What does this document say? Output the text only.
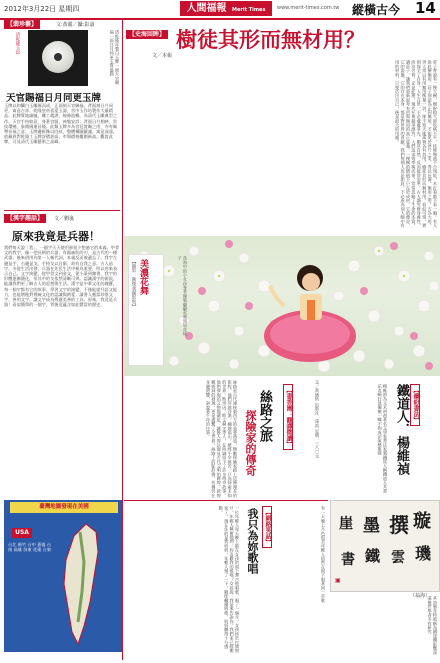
2012年3月22日 星期四	人間福報 Merit Times	www.merit-times.com.tw 縱橫古今 14
【翡珍藝】	文:黃麗／攝:影濤
清乾隆玉琮	清乾隆年製白玉牌一面天官賜福一面日月同更玉質溫潤
天官賜福日月同更玉牌
玉牌以和闐白玉雕琢而成，正面刻天官賜福，背面刻日月同更，寓意吉祥。乾隆皇帝喜愛玉器，宮中玉作坊製作大量精品。此牌質地細膩，雕工精湛，線條流暢，為清代玉雕典型之作。天官手持如意，身著官服，神態安詳；背面日月相映，雲紋環繞，象徵國運昌隆。此類玉牌多為宮廷賞賜之用，亦有佩帶祈福之意。玉牌邊框飾以回紋，整體構圖嚴謹，寓意深遠。收藏界對乾隆工玉牌評價甚高，市場價格屢創新高。觀賞此牌，可見清代玉雕藝術之高峰。
【漢字趣話】	文／劉嵐
原來我竟是兵器！
我們每天說「我」，一個字天天使用卻很少想過它的本義。甲骨文的我字，像一把長柄的兵器，有鋸齒狀的刃，是古代的一種武器。後來借用為第一人稱代詞，本義反而被遺忘了。我字左邊是手，右邊是戈，手持戈以自衛，故有自我之意。古人造字，多從生活出發，兵器在先民生活中極為重要，所以用來表示自己。文字演變，從甲骨文到金文，從小篆到隸書，我字的形體逐漸簡化，但其中的戈依然清晰可辨。認識漢字的源流，能讓我們更了解古人的思想與生活。漢字是中華文化的瑰寶，每一個字都有它的故事。學習文字的演變，不僅能提升語文能力，也能增進對傳統文化的認識與熱愛。讀書人應當珍惜文字，善用文字，讓文字成為傳遞美善的工具。原來，我竟是兵器！看似簡單的一個字，背後竟蘊含如此豐富的歷史。
臺灣地圖發現在美國
USA
台北 新竹 台中 嘉義 台南 高雄 屏東 花蓮 台東
【史海回眸】 樹徒其形而無材用？
文／本報
莊子曾說有一棵大樹，樹幹粗大卻疙瘩不平，枝條彎曲不合規矩，木匠看都不看一眼。有人說此樹無用，莊子卻認為正因無用，才能免於斧斤之災，得以長壽。無用之用，方為大用。世人常以有用無用衡量一切，卻不知天地萬物各有其用。樹徒其形而無材用，看似可惜，實則保全了自身。人生在世，不必處處爭先，順其自然，反而能得安寧。古人講究修身養性，淡泊名利，正是此理。現代社會競爭激烈，人們追求效率與成果，常常忽略了生命的本質。讀莊子，讓我們重新思考有用與無用的真正意義。一棵樹的價值不只在於成材，它的蔭涼、它的姿態、它的存在本身，都是對世界的貢獻。我們每個人也是如此，不必成為別人眼中有用的材料，只要活出自己，便是最大的用處。
美濃花舞
【攝影：陳傑義攝影集】	花海中的小女孩身著韓服翩翩起舞宛如花仙子
【書香園：翻譯微讀】
絲路之旅
探險家的傳奇
絲路是古代連接東西方的重要通道，無數探險家踏上這條漫長的旅程。他們穿越沙漠，翻越高山，歷經千辛萬苦，只為探索未知的世界。斯坦因、斯文赫定等人，在西域留下了許多傳奇故事。他們發現的文物與遺址，讓後人得以窺見古代文明的輝煌。敦煌藏經洞的發現，更是震驚了全世界。絲路上的駝鈴聲，彷彿仍在耳邊迴響，訴說著千年的往事。	文／黃德鈞 出版社：遠流 定價：三八〇元	【繽紛書法】
鐵道人．楊維禎
楊維禎為元末明初著名文學家書法家號鐵崖人稱鐵道人其書法奇崛狂放獨樹一幟不拘成法氣勢雄強
璇
璣
撰
雲
墨
鐵
崖
書
▣
（翁海）
【網路笑話】
我只為妳歌唱
一位年輕人每天晚上都在女孩的窗下彈吉他唱歌，唱了一個月，女孩終於打開窗戶。年輕人興奮地問：妳喜歡我的歌嗎？女孩說：我是來告訴你，我們家已經搬家了，現在住的是我奶奶。年輕人愣了一下，隨即繼續唱歌，奶奶聽得十分感動。	有一天晚上月色很美年輕人依然在窗下唱著同一首歌
其詩風奇特被稱為鐵崖體影響深遠後世學者多有研究
